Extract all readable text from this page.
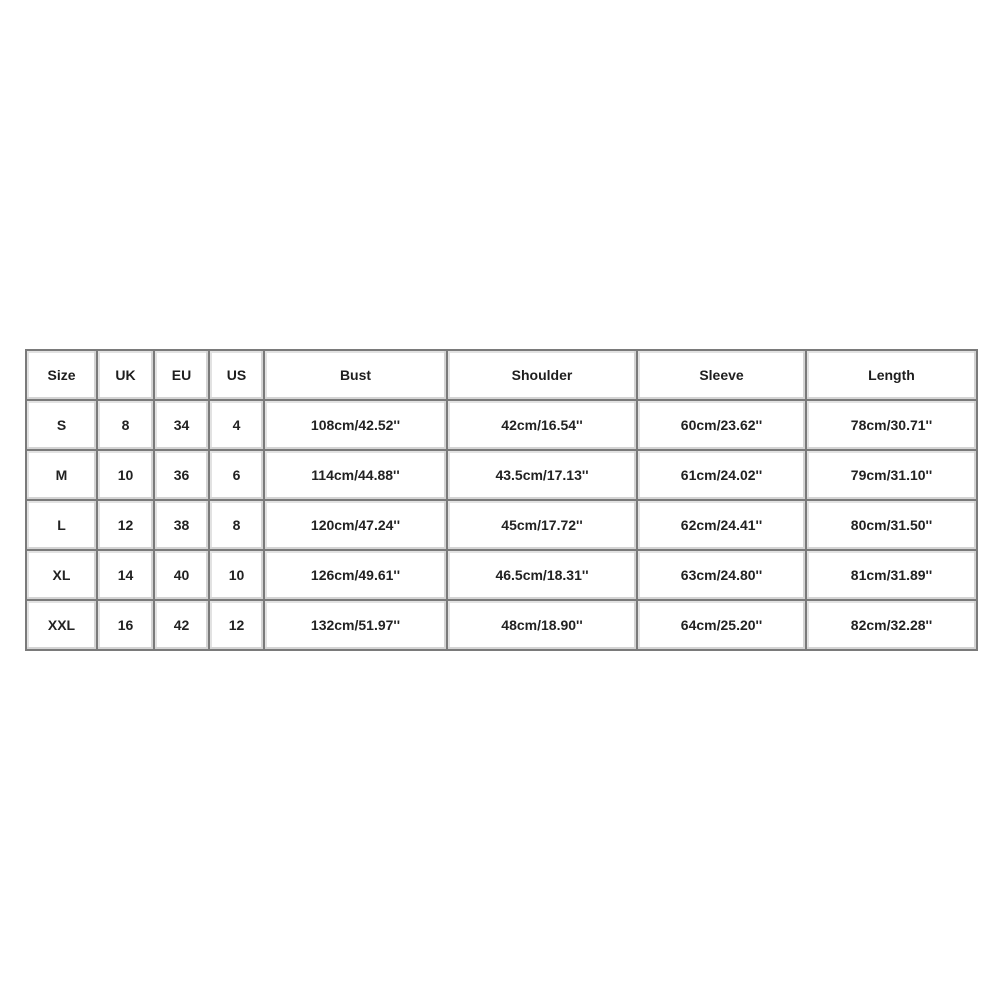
Size	UK	EU	US	Bust	Shoulder	Sleeve	Length
S	8	34	4	108cm/42.52''	42cm/16.54''	60cm/23.62''	78cm/30.71''
M	10	36	6	114cm/44.88''	43.5cm/17.13''	61cm/24.02''	79cm/31.10''
L	12	38	8	120cm/47.24''	45cm/17.72''	62cm/24.41''	80cm/31.50''
XL	14	40	10	126cm/49.61''	46.5cm/18.31''	63cm/24.80''	81cm/31.89''
XXL	16	42	12	132cm/51.97''	48cm/18.90''	64cm/25.20''	82cm/32.28''
